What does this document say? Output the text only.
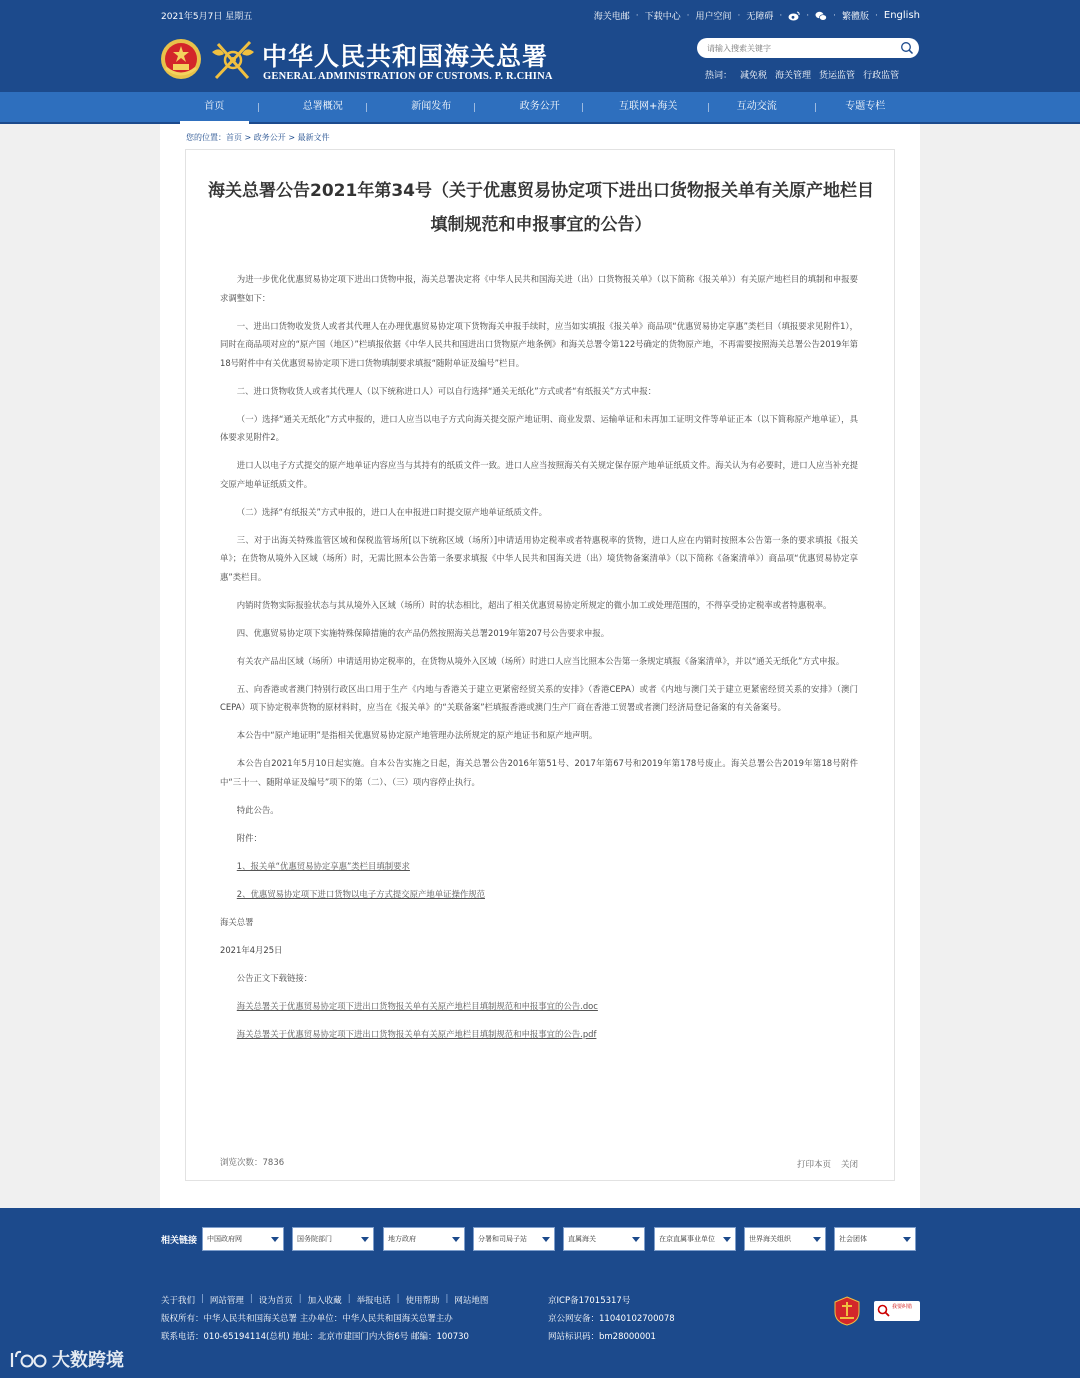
2021年5月7日 星期五	海关电邮 · 下载中心 · 用户空间 · 无障碍 ·	·	· 繁體版 · English
中华人民共和国海关总署
GENERAL ADMINISTRATION OF CUSTOMS. P. R.CHINA
请输入搜索关键字	热词： 减免税 海关管理 货运监管 行政监管
首页	总署概况	新闻发布	政务公开	互联网+海关	互动交流	专题专栏
您的位置：首页 > 政务公开 > 最新文件
海关总署公告2021年第34号（关于优惠贸易协定项下进出口货物报关单有关原产地栏目填制规范和申报事宜的公告）

为进一步优化优惠贸易协定项下进出口货物申报，海关总署决定将《中华人民共和国海关进（出）口货物报关单》（以下简称《报关单》）有关原产地栏目的填制和申报要求调整如下：

一、进出口货物收发货人或者其代理人在办理优惠贸易协定项下货物海关申报手续时，应当如实填报《报关单》商品项“优惠贸易协定享惠”类栏目（填报要求见附件1），同时在商品项对应的“原产国（地区）”栏填报依据《中华人民共和国进出口货物原产地条例》和海关总署令第122号确定的货物原产地，不再需要按照海关总署公告2019年第18号附件中有关优惠贸易协定项下进口货物填制要求填报“随附单证及编号”栏目。

二、进口货物收货人或者其代理人（以下统称进口人）可以自行选择“通关无纸化”方式或者“有纸报关”方式申报：

（一）选择“通关无纸化”方式申报的，进口人应当以电子方式向海关提交原产地证明、商业发票、运输单证和未再加工证明文件等单证正本（以下简称原产地单证），具体要求见附件2。

进口人以电子方式提交的原产地单证内容应当与其持有的纸质文件一致。进口人应当按照海关有关规定保存原产地单证纸质文件。海关认为有必要时，进口人应当补充提交原产地单证纸质文件。

（二）选择“有纸报关”方式申报的，进口人在申报进口时提交原产地单证纸质文件。

三、对于出海关特殊监管区域和保税监管场所[以下统称区域（场所）]申请适用协定税率或者特惠税率的货物，进口人应在内销时按照本公告第一条的要求填报《报关单》；在货物从境外入区域（场所）时，无需比照本公告第一条要求填报《中华人民共和国海关进（出）境货物备案清单》（以下简称《备案清单》）商品项“优惠贸易协定享惠”类栏目。

内销时货物实际报验状态与其从境外入区域（场所）时的状态相比，超出了相关优惠贸易协定所规定的微小加工或处理范围的，不得享受协定税率或者特惠税率。

四、优惠贸易协定项下实施特殊保障措施的农产品仍然按照海关总署2019年第207号公告要求申报。

有关农产品出区域（场所）申请适用协定税率的，在货物从境外入区域（场所）时进口人应当比照本公告第一条规定填报《备案清单》，并以“通关无纸化”方式申报。

五、向香港或者澳门特别行政区出口用于生产《内地与香港关于建立更紧密经贸关系的安排》（香港CEPA）或者《内地与澳门关于建立更紧密经贸关系的安排》（澳门CEPA）项下协定税率货物的原材料时，应当在《报关单》的“关联备案”栏填报香港或澳门生产厂商在香港工贸署或者澳门经济局登记备案的有关备案号。

本公告中“原产地证明”是指相关优惠贸易协定原产地管理办法所规定的原产地证书和原产地声明。

本公告自2021年5月10日起实施。自本公告实施之日起，海关总署公告2016年第51号、2017年第67号和2019年第178号废止。海关总署公告2019年第18号附件中“三十一、随附单证及编号”项下的第（二）、（三）项内容停止执行。

特此公告。

附件：

1、报关单“优惠贸易协定享惠”类栏目填制要求

2、优惠贸易协定项下进口货物以电子方式提交原产地单证操作规范

海关总署

2021年4月25日

公告正文下载链接：

海关总署关于优惠贸易协定项下进出口货物报关单有关原产地栏目填制规范和申报事宜的公告.doc

海关总署关于优惠贸易协定项下进出口货物报关单有关原产地栏目填制规范和申报事宜的公告.pdf

浏览次数：7836	打印本页 关闭
相关链接	中国政府网	国务院部门	地方政府	分署和司局子站	直属海关	在京直属事业单位	世界海关组织	社会团体
关于我们 | 网站管理 | 设为首页 | 加入收藏 | 举报电话 | 使用帮助 | 网站地图
版权所有：中华人民共和国海关总署 主办单位：中华人民共和国海关总署主办
联系电话：010-65194114(总机) 地址：北京市建国门内大街6号 邮编：100730
京ICP备17015317号
京公网安备：11040102700078
网站标识码：bm28000001
我要纠错
大数跨境
